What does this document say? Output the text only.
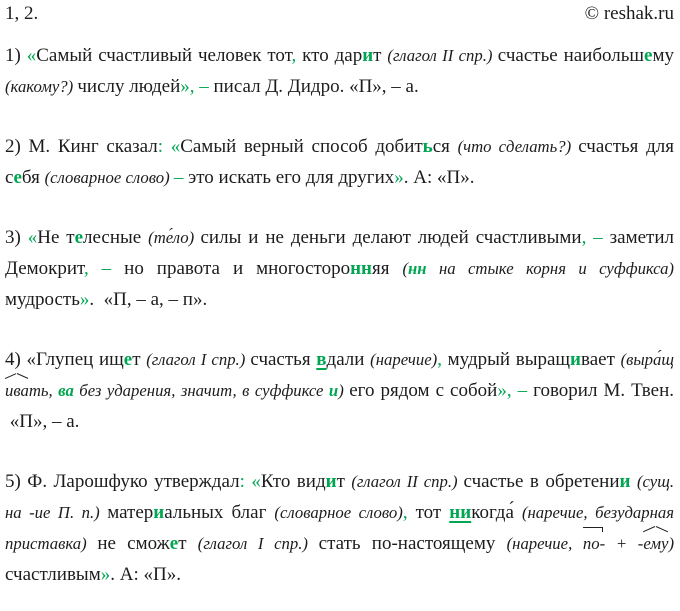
1, 2.	© reshak.ru

1) «Самый счастливый человек тот, кто дарит (глагол II спр.) счастье наибольшему (какому?) числу людей», – писал Д. Дидро. «П», – а.

2) М. Кинг сказал: «Самый верный способ добиться (что сделать?) счастья для себя (словарное слово) – это искать его для других». А: «П».

3) «Не телесные (те́ло) силы и не деньги делают людей счастливыми, – заметил Демокрит, – но правота и многосторонняя (нн на стыке корня и суффикса) мудрость».  «П, – а, – п».

4) «Глупец ищет (глагол I спр.) счастья вдали (наречие), мудрый выращивает (выра́щивать, ва без ударения, значит, в суффиксе и) его рядом с собой», – говорил М. Твен.  «П», – а.

5) Ф. Ларошфуко утверждал: «Кто видит (глагол II спр.) счастье в обретении (сущ. на -ие П. п.) материальных благ (словарное слово), тот никогда́ (наречие, безударная приставка) не сможет (глагол I спр.) стать по-настоящему (наречие, по- + -ему) счастливым». А: «П».
